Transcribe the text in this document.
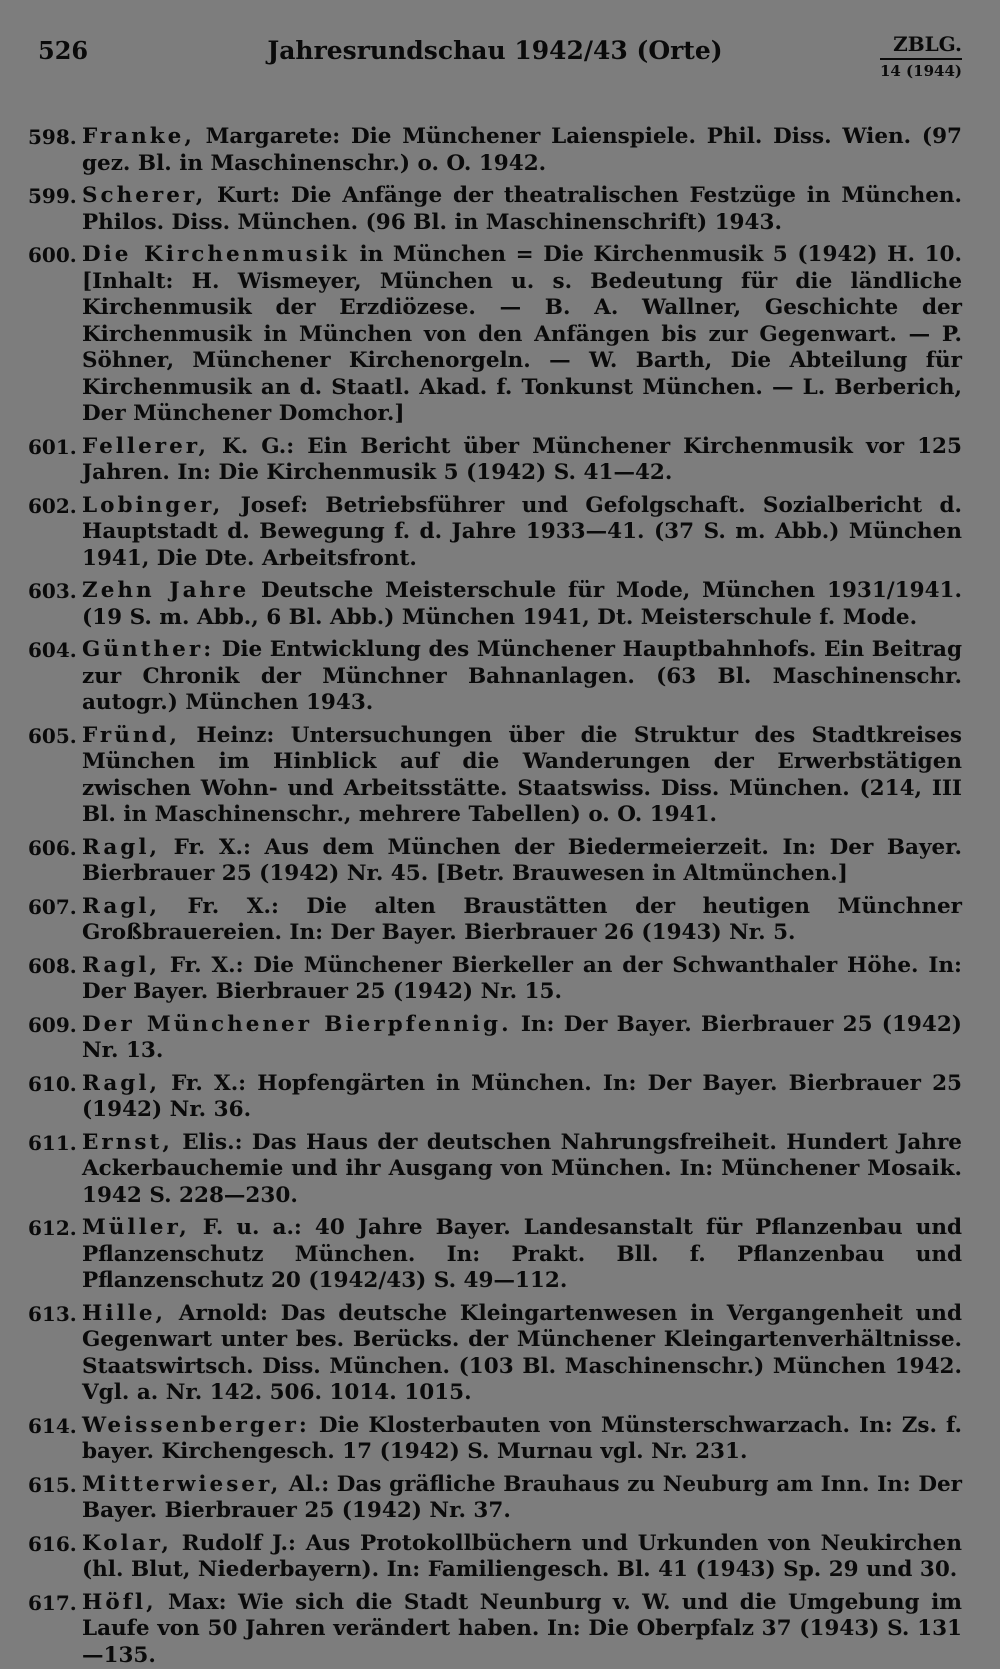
526	Jahresrundschau 1942/43 (Orte)	ZBLG.
14 (1944)
598. Franke, Margarete: Die Münchener Laienspiele. Phil. Diss. Wien. (97 gez. Bl. in Maschinenschr.) o. O. 1942.
599. Scherer, Kurt: Die Anfänge der theatralischen Festzüge in München. Philos. Diss. München. (96 Bl. in Maschinenschrift) 1943.
600. Die Kirchenmusik in München = Die Kirchenmusik 5 (1942) H. 10. [Inhalt: H. Wismeyer, München u. s. Bedeutung für die ländliche Kirchenmusik der Erzdiözese. — B. A. Wallner, Geschichte der Kirchenmusik in München von den Anfängen bis zur Gegenwart. — P. Söhner, Münchener Kirchenorgeln. — W. Barth, Die Abteilung für Kirchenmusik an d. Staatl. Akad. f. Tonkunst München. — L. Berberich, Der Münchener Domchor.]
601. Fellerer, K. G.: Ein Bericht über Münchener Kirchenmusik vor 125 Jahren. In: Die Kirchenmusik 5 (1942) S. 41—42.
602. Lobinger, Josef: Betriebsführer und Gefolgschaft. Sozialbericht d. Hauptstadt d. Bewegung f. d. Jahre 1933—41. (37 S. m. Abb.) München 1941, Die Dte. Arbeitsfront.
603. Zehn Jahre Deutsche Meisterschule für Mode, München 1931/1941. (19 S. m. Abb., 6 Bl. Abb.) München 1941, Dt. Meisterschule f. Mode.
604. Günther: Die Entwicklung des Münchener Hauptbahnhofs. Ein Beitrag zur Chronik der Münchner Bahnanlagen. (63 Bl. Maschinenschr. autogr.) München 1943.
605. Fründ, Heinz: Untersuchungen über die Struktur des Stadtkreises München im Hinblick auf die Wanderungen der Erwerbstätigen zwischen Wohn- und Arbeitsstätte. Staatswiss. Diss. München. (214, III Bl. in Maschinenschr., mehrere Tabellen) o. O. 1941.
606. Ragl, Fr. X.: Aus dem München der Biedermeierzeit. In: Der Bayer. Bierbrauer 25 (1942) Nr. 45. [Betr. Brauwesen in Altmünchen.]
607. Ragl, Fr. X.: Die alten Braustätten der heutigen Münchner Großbrauereien. In: Der Bayer. Bierbrauer 26 (1943) Nr. 5.
608. Ragl, Fr. X.: Die Münchener Bierkeller an der Schwanthaler Höhe. In: Der Bayer. Bierbrauer 25 (1942) Nr. 15.
609. Der Münchener Bierpfennig. In: Der Bayer. Bierbrauer 25 (1942) Nr. 13.
610. Ragl, Fr. X.: Hopfengärten in München. In: Der Bayer. Bierbrauer 25 (1942) Nr. 36.
611. Ernst, Elis.: Das Haus der deutschen Nahrungsfreiheit. Hundert Jahre Ackerbauchemie und ihr Ausgang von München. In: Münchener Mosaik. 1942 S. 228—230.
612. Müller, F. u. a.: 40 Jahre Bayer. Landesanstalt für Pflanzenbau und Pflanzenschutz München. In: Prakt. Bll. f. Pflanzenbau und Pflanzenschutz 20 (1942/43) S. 49—112.
613. Hille, Arnold: Das deutsche Kleingartenwesen in Vergangenheit und Gegenwart unter bes. Berücks. der Münchener Kleingartenverhältnisse. Staatswirtsch. Diss. München. (103 Bl. Maschinenschr.) München 1942. Vgl. a. Nr. 142. 506. 1014. 1015.
614. Weissenberger: Die Klosterbauten von Münsterschwarzach. In: Zs. f. bayer. Kirchengesch. 17 (1942) S. Murnau vgl. Nr. 231.
615. Mitterwieser, Al.: Das gräfliche Brauhaus zu Neuburg am Inn. In: Der Bayer. Bierbrauer 25 (1942) Nr. 37.
616. Kolar, Rudolf J.: Aus Protokollbüchern und Urkunden von Neukirchen (hl. Blut, Niederbayern). In: Familiengesch. Bl. 41 (1943) Sp. 29 und 30.
617. Höfl, Max: Wie sich die Stadt Neunburg v. W. und die Umgebung im Laufe von 50 Jahren verändert haben. In: Die Oberpfalz 37 (1943) S. 131—135.
